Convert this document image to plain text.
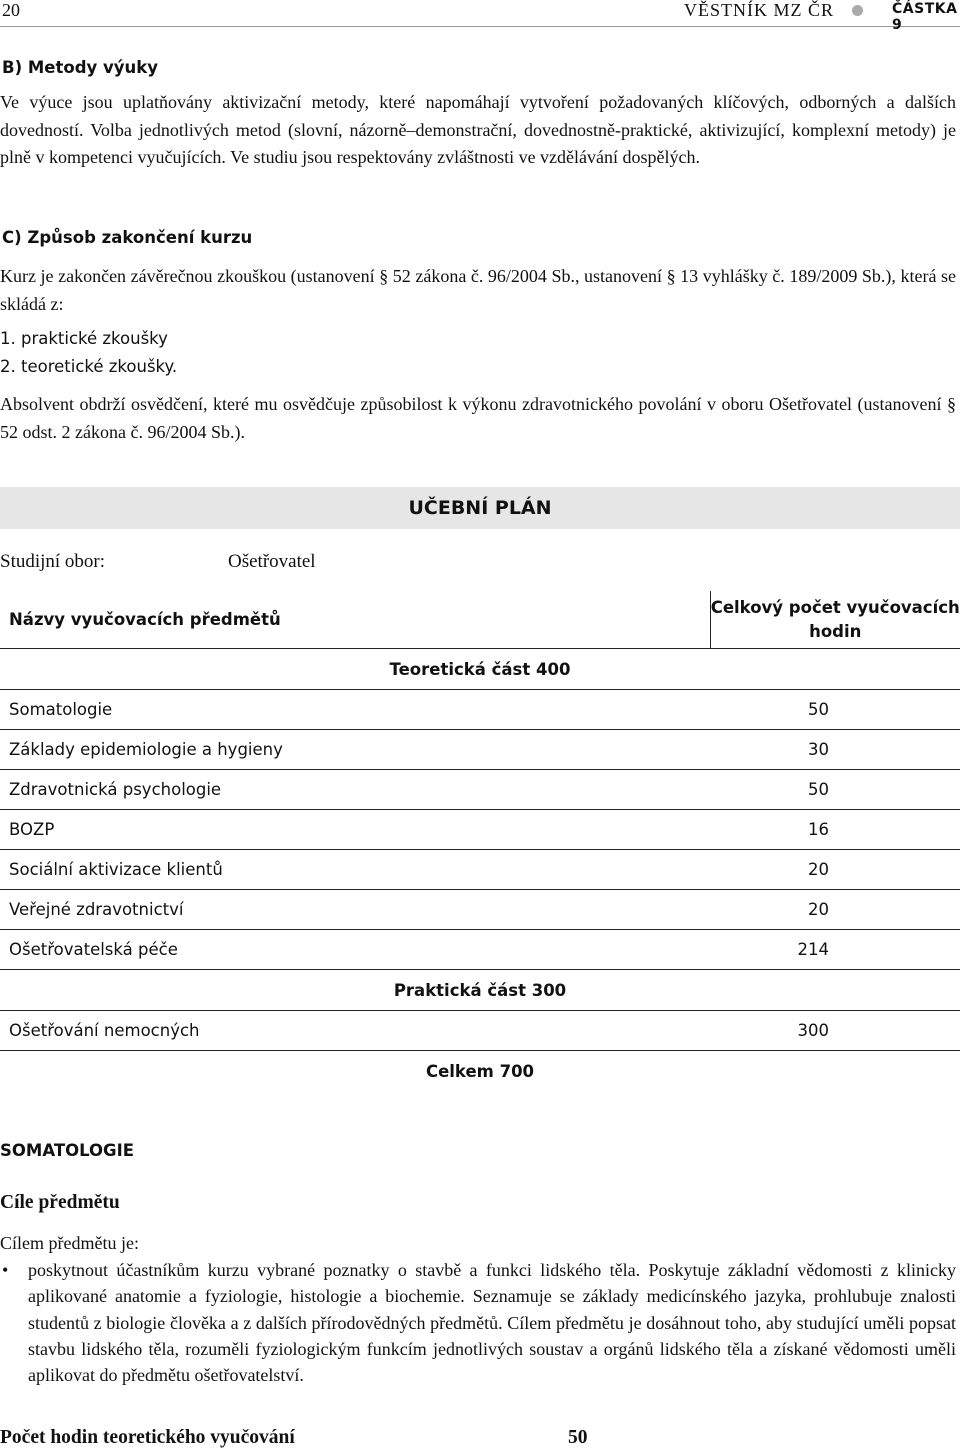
20	VĚSTNÍK MZ ČR	ČÁSTKA 9
B) Metody výuky

Ve výuce jsou uplatňovány aktivizační metody, které napomáhají vytvoření požadovaných klíčových, odborných a dalších dovedností. Volba jednotlivých metod (slovní, názorně–demonstrační, dovednostně-praktické, aktivizující, komplexní metody) je plně v kompetenci vyučujících. Ve studiu jsou respektovány zvláštnosti ve vzdělávání dospělých.

C) Způsob zakončení kurzu

Kurz je zakončen závěrečnou zkouškou (ustanovení § 52 zákona č. 96/2004 Sb., ustanovení § 13 vyhlášky č. 189/2009 Sb.), která se skládá z:

1. praktické zkoušky
2. teoretické zkoušky.

Absolvent obdrží osvědčení, které mu osvědčuje způsobilost k výkonu zdravotnického povolání v oboru Ošetřovatel (ustanovení § 52 odst. 2 zákona č. 96/2004 Sb.).

UČEBNÍ PLÁN
Studijní obor:	Ošetřovatel
Názvy vyučovacích předmětů	Celkový počet vyučovacích hodin
Teoretická část 400	
Somatologie	50
Základy epidemiologie a hygieny	30
Zdravotnická psychologie	50
BOZP	16
Sociální aktivizace klientů	20
Veřejné zdravotnictví	20
Ošetřovatelská péče	214
Praktická část 300	
Ošetřování nemocných	300
Celkem 700	
SOMATOLOGIE
Cíle předmětu
Cílem předmětu je:
• poskytnout účastníkům kurzu vybrané poznatky o stavbě a funkci lidského těla. Poskytuje základní vědomosti z klinicky aplikované anatomie a fyziologie, histologie a biochemie. Seznamuje se základy medicínského jazyka, prohlubuje znalosti studentů z biologie člověka a z dalších přírodovědných předmětů. Cílem předmětu je dosáhnout toho, aby studující uměli popsat stavbu lidského těla, rozuměli fyziologickým funkcím jednotlivých soustav a orgánů lidského těla a získané vědomosti uměli aplikovat do předmětu ošetřovatelství.
Počet hodin teoretického vyučování	50
